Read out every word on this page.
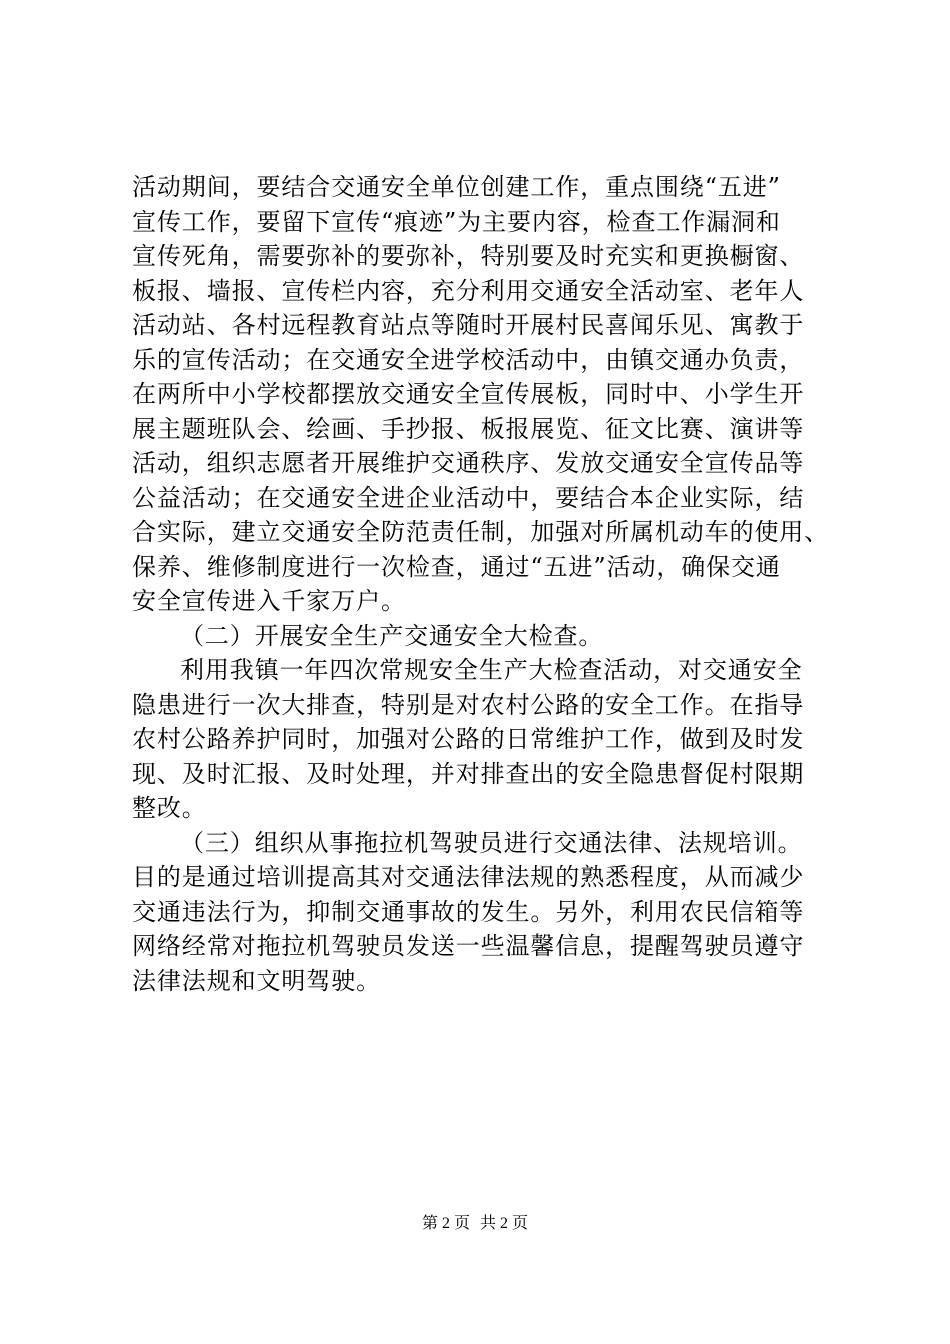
活动期间，要结合交通安全单位创建工作，重点围绕“五进”
宣传工作，要留下宣传“痕迹”为主要内容，检查工作漏洞和
宣传死角，需要弥补的要弥补，特别要及时充实和更换橱窗、
板报、墙报、宣传栏内容，充分利用交通安全活动室、老年人
活动站、各村远程教育站点等随时开展村民喜闻乐见、寓教于
乐的宣传活动；在交通安全进学校活动中，由镇交通办负责，
在两所中小学校都摆放交通安全宣传展板，同时中、小学生开
展主题班队会、绘画、手抄报、板报展览、征文比赛、演讲等
活动，组织志愿者开展维护交通秩序、发放交通安全宣传品等
公益活动；在交通安全进企业活动中，要结合本企业实际，结
合实际，建立交通安全防范责任制，加强对所属机动车的使用、
保养、维修制度进行一次检查，通过“五进”活动，确保交通
安全宣传进入千家万户。
（二）开展安全生产交通安全大检查。
利用我镇一年四次常规安全生产大检查活动，对交通安全
隐患进行一次大排查，特别是对农村公路的安全工作。在指导
农村公路养护同时，加强对公路的日常维护工作，做到及时发
现、及时汇报、及时处理，并对排查出的安全隐患督促村限期
整改。
（三）组织从事拖拉机驾驶员进行交通法律、法规培训。
目的是通过培训提高其对交通法律法规的熟悉程度，从而减少
交通违法行为，抑制交通事故的发生。另外，利用农民信箱等
网络经常对拖拉机驾驶员发送一些温馨信息，提醒驾驶员遵守
法律法规和文明驾驶。
第 2 页 共 2 页
